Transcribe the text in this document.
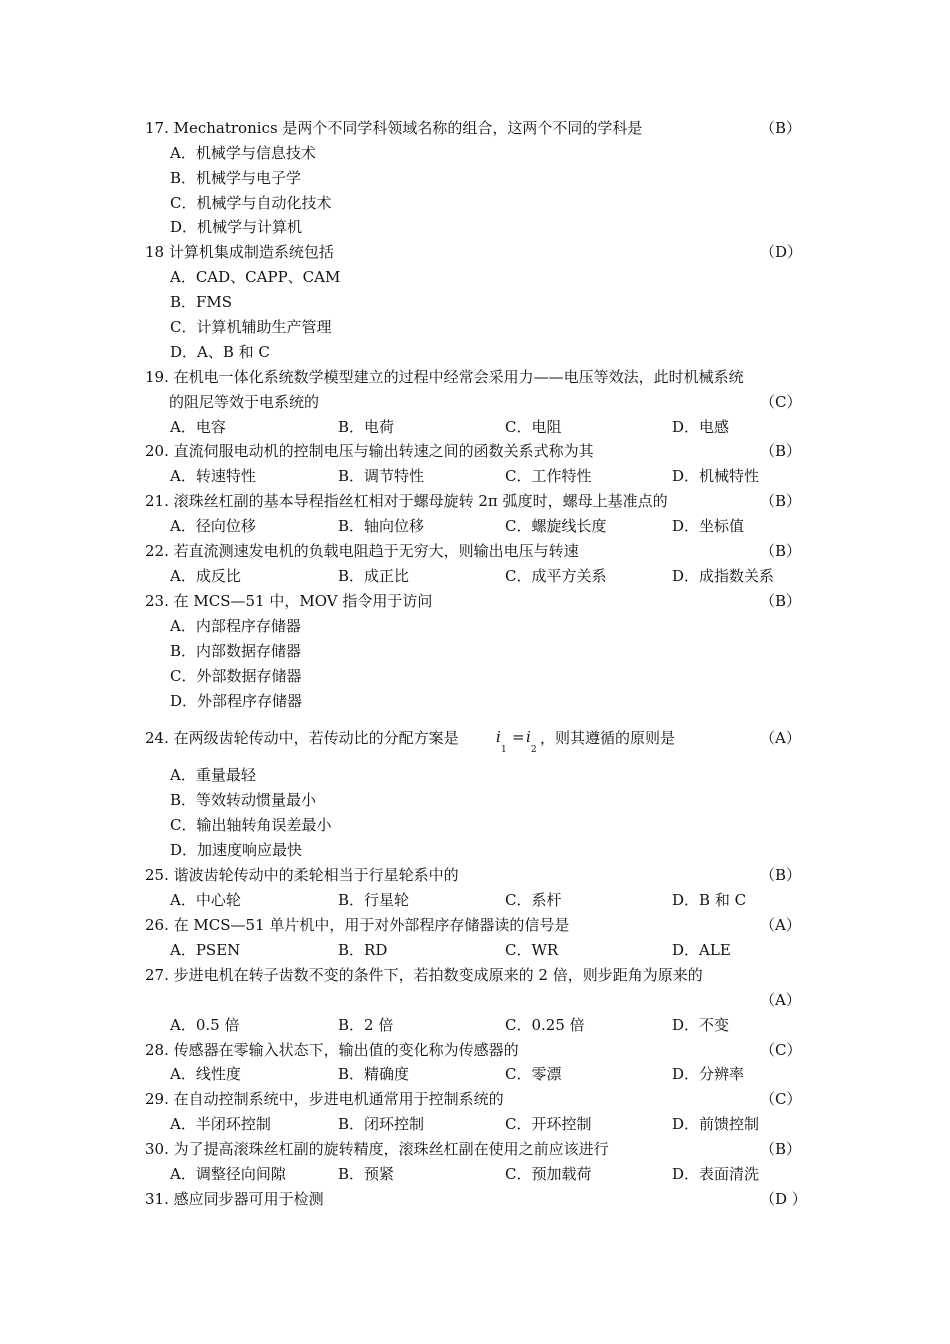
17. Mechatronics 是两个不同学科领域名称的组合，这两个不同的学科是	（B）
A．机械学与信息技术
B．机械学与电子学
C．机械学与自动化技术
D．机械学与计算机
18 计算机集成制造系统包括	（D）
A．CAD、CAPP、CAM
B．FMS
C．计算机辅助生产管理
D．A、B 和 C
19. 在机电一体化系统数学模型建立的过程中经常会采用力——电压等效法，此时机械系统
的阻尼等效于电系统的	（C）
A．电容	B．电荷	C．电阻	D．电感
20. 直流伺服电动机的控制电压与输出转速之间的函数关系式称为其	（B）
A．转速特性	B．调节特性	C．工作特性	D．机械特性
21. 滚珠丝杠副的基本导程指丝杠相对于螺母旋转 2π 弧度时，螺母上基准点的	（B）
A．径向位移	B．轴向位移	C．螺旋线长度	D．坐标值
22. 若直流测速发电机的负载电阻趋于无穷大，则输出电压与转速	（B）
A．成反比	B．成正比	C．成平方关系	D．成指数关系
23. 在 MCS—51 中，MOV 指令用于访问	（B）
A．内部程序存储器
B．内部数据存储器
C．外部数据存储器
D．外部程序存储器
24. 在两级齿轮传动中，若传动比的分配方案是 i
1
= i
2
，则其遵循的原则是	（A）
A．重量最轻
B．等效转动惯量最小
C．输出轴转角误差最小
D．加速度响应最快
25. 谐波齿轮传动中的柔轮相当于行星轮系中的	（B）
A．中心轮	B．行星轮	C．系杆	D．B 和 C
26. 在 MCS—51 单片机中，用于对外部程序存储器读的信号是	（A）
A．PSEN	B．RD	C．WR	D．ALE
27. 步进电机在转子齿数不变的条件下，若拍数变成原来的 2 倍，则步距角为原来的
（A）
A．0.5 倍	B．2 倍	C．0.25 倍	D．不变
28. 传感器在零输入状态下，输出值的变化称为传感器的	（C）
A．线性度	B．精确度	C．零漂	D．分辨率
29. 在自动控制系统中，步进电机通常用于控制系统的	（C）
A．半闭环控制	B．闭环控制	C．开环控制	D．前馈控制
30. 为了提高滚珠丝杠副的旋转精度，滚珠丝杠副在使用之前应该进行	（B）
A．调整径向间隙	B．预紧	C．预加载荷	D．表面清洗
31. 感应同步器可用于检测	（D ）
